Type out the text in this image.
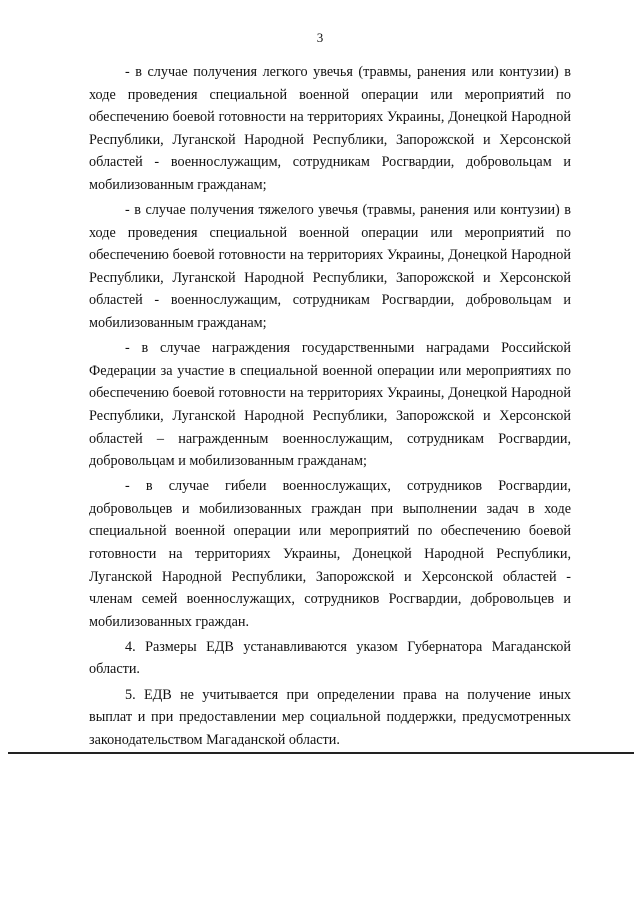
3

- в случае получения легкого увечья (травмы, ранения или контузии) в ходе проведения специальной военной операции или мероприятий по обеспечению боевой готовности на территориях Украины, Донецкой Народной Республики, Луганской Народной Республики, Запорожской и Херсонской областей - военнослужащим, сотрудникам Росгвардии, добровольцам и мобилизованным гражданам;

- в случае получения тяжелого увечья (травмы, ранения или контузии) в ходе проведения специальной военной операции или мероприятий по обеспечению боевой готовности на территориях Украины, Донецкой Народной Республики, Луганской Народной Республики, Запорожской и Херсонской областей - военнослужащим, сотрудникам Росгвардии, добровольцам и мобилизованным гражданам;

- в случае награждения государственными наградами Российской Федерации за участие в специальной военной операции или мероприятиях по обеспечению боевой готовности на территориях Украины, Донецкой Народной Республики, Луганской Народной Республики, Запорожской и Херсонской областей – награжденным военнослужащим, сотрудникам Росгвардии, добровольцам и мобилизованным гражданам;

- в случае гибели военнослужащих, сотрудников Росгвардии, добровольцев и мобилизованных граждан при выполнении задач в ходе специальной военной операции или мероприятий по обеспечению боевой готовности на территориях Украины, Донецкой Народной Республики, Луганской Народной Республики, Запорожской и Херсонской областей - членам семей военнослужащих, сотрудников Росгвардии, добровольцев и мобилизованных граждан.

4. Размеры ЕДВ устанавливаются указом Губернатора Магаданской области.

5. ЕДВ не учитывается при определении права на получение иных выплат и при предоставлении мер социальной поддержки, предусмотренных законодательством Магаданской области.
